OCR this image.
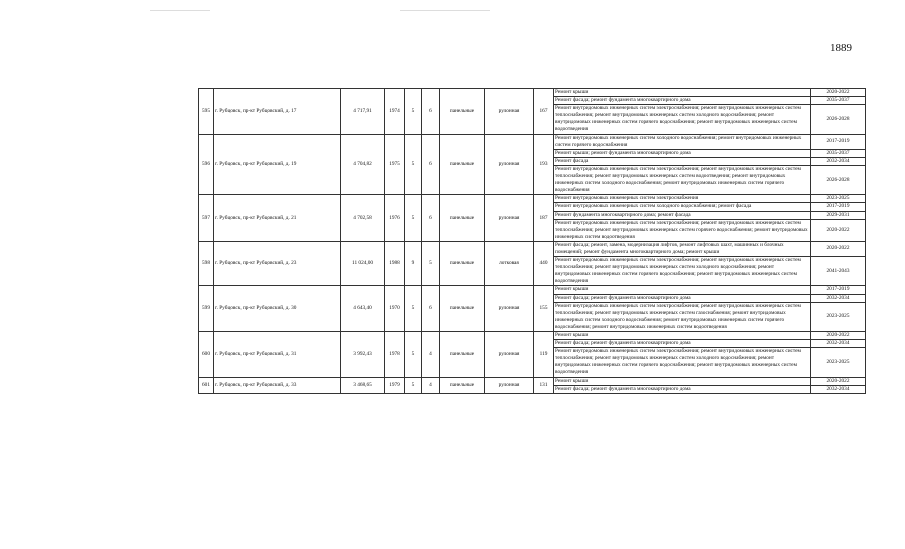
1889
595	г. Рубцовск, пр-кт Рубцовский, д. 17	4 717,91	1974	5	6	панельные	рулонная	167	Ремонт крыши	2020-2022
									Ремонт фасада; ремонт фундамента многоквартирного дома	2035-2037
									Ремонт внутридомовых инженерных систем электроснабжения; ремонт внутридомовых инженерных систем теплоснабжения; ремонт внутридомовых инженерных систем холодного водоснабжения; ремонт внутридомовых инженерных систем горячего водоснабжения; ремонт внутридомовых инженерных систем водоотведения	2026-2028
596	г. Рубцовск, пр-кт Рубцовский, д. 19	4 704,82	1975	5	6	панельные	рулонная	193	Ремонт внутридомовых инженерных систем холодного водоснабжения; ремонт внутридомовых инженерных систем горячего водоснабжения	2017-2019
									Ремонт крыши; ремонт фундамента многоквартирного дома	2035-2037
									Ремонт фасада	2032-2034
									Ремонт внутридомовых инженерных систем электроснабжения; ремонт внутридомовых инженерных систем теплоснабжения; ремонт внутридомовых инженерных систем водоотведения; ремонт внутридомовых инженерных систем холодного водоснабжения; ремонт внутридомовых инженерных систем горячего водоснабжения	2026-2028
597	г. Рубцовск, пр-кт Рубцовский, д. 21	4 702,58	1976	5	6	панельные	рулонная	187	Ремонт внутридомовых инженерных систем электроснабжения	2023-2025
									Ремонт внутридомовых инженерных систем холодного водоснабжения; ремонт фасада	2017-2019
									Ремонт фундамента многоквартирного дома; ремонт фасада	2029-2031
									Ремонт внутридомовых инженерных систем электроснабжения; ремонт внутридомовых инженерных систем теплоснабжения; ремонт внутридомовых инженерных систем горячего водоснабжения; ремонт внутридомовых инженерных систем водоотведения	2020-2022
598	г. Рубцовск, пр-кт Рубцовский, д. 23	11 024,00	1988	9	5	панельные	лотковая	440	Ремонт фасада; ремонт, замена, модернизация лифтов, ремонт лифтовых шахт, машинных и блочных помещений; ремонт фундамента многоквартирного дома; ремонт крыши	2020-2022
									Ремонт внутридомовых инженерных систем электроснабжения; ремонт внутридомовых инженерных систем теплоснабжения; ремонт внутридомовых инженерных систем холодного водоснабжения; ремонт внутридомовых инженерных систем горячего водоснабжения; ремонт внутридомовых инженерных систем водоотведения	2041-2043
599	г. Рубцовск, пр-кт Рубцовский, д. 30	4 643,40	1970	5	6	панельные	рулонная	155	Ремонт крыши	2017-2019
									Ремонт фасада; ремонт фундамента многоквартирного дома	2032-2034
									Ремонт внутридомовых инженерных систем электроснабжения; ремонт внутридомовых инженерных систем теплоснабжения; ремонт внутридомовых инженерных систем газоснабжения; ремонт внутридомовых инженерных систем холодного водоснабжения; ремонт внутридомовых инженерных систем горячего водоснабжения; ремонт внутридомовых инженерных систем водоотведения	2023-2025
600	г. Рубцовск, пр-кт Рубцовский, д. 31	3 992,43	1978	5	4	панельные	рулонная	119	Ремонт крыши	2020-2022
									Ремонт фасада; ремонт фундамента многоквартирного дома	2032-2034
									Ремонт внутридомовых инженерных систем электроснабжения; ремонт внутридомовых инженерных систем теплоснабжения; ремонт внутридомовых инженерных систем холодного водоснабжения; ремонт внутридомовых инженерных систем горячего водоснабжения; ремонт внутридомовых инженерных систем водоотведения	2023-2025
601	г. Рубцовск, пр-кт Рубцовский, д. 33	3 468,65	1979	5	4	панельные	рулонная	131	Ремонт крыши	2020-2022
									Ремонт фасада; ремонт фундамента многоквартирного дома	2032-2034
